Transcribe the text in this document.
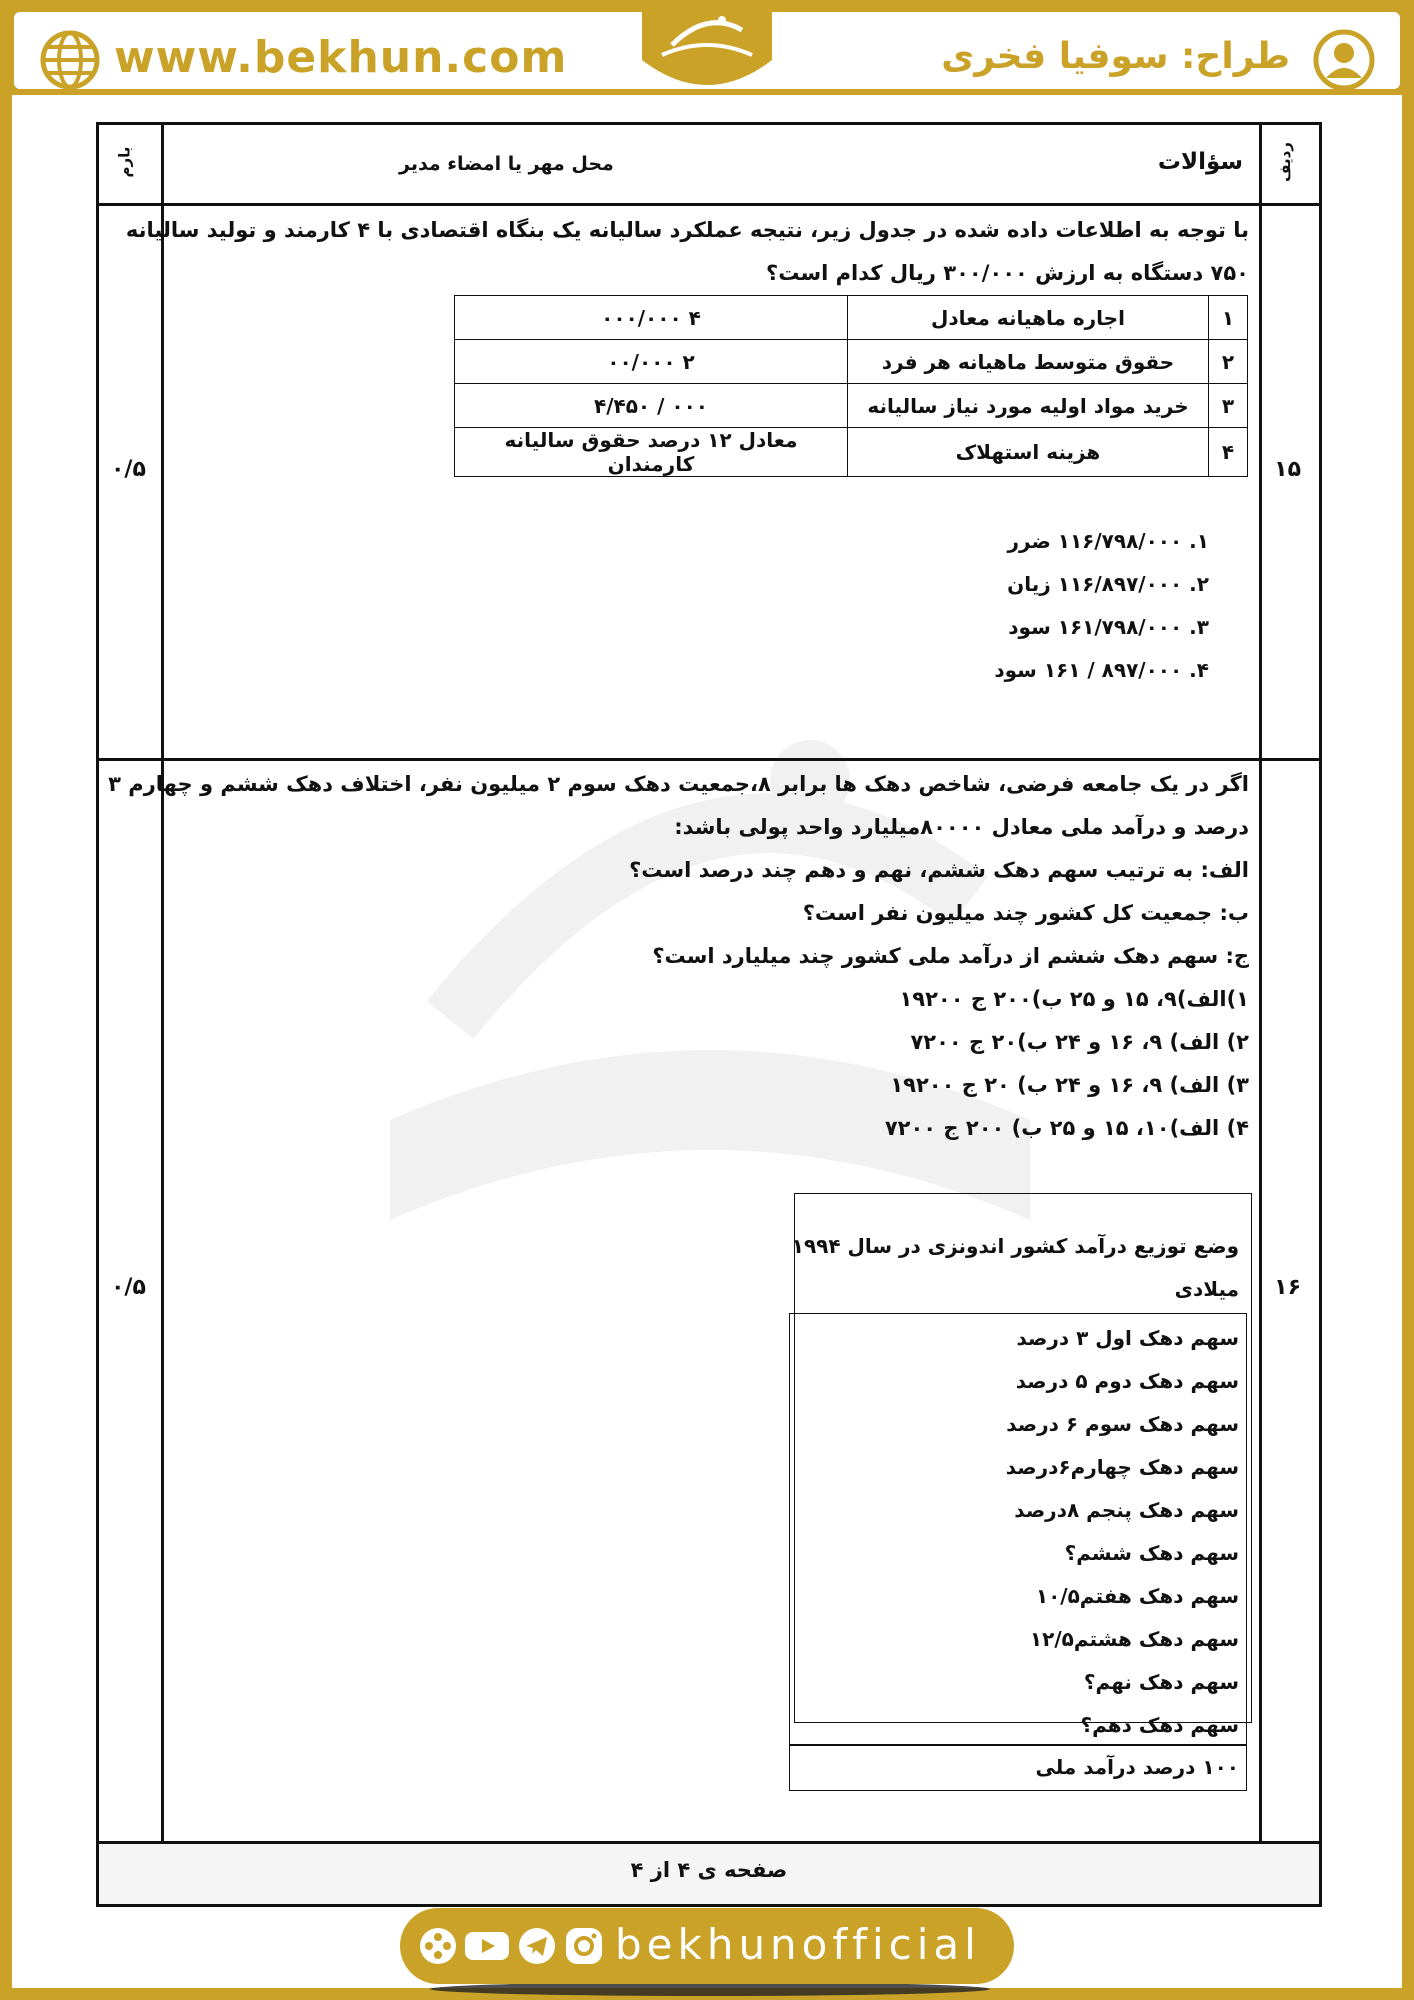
www.bekhun.com	طراح: سوفیا فخری
بارم	محل مهر یا امضاء مدیر	سؤالات ردیف
۱۵
۰/۵
با توجه به اطلاعات داده شده در جدول زیر، نتیجه عملکرد سالیانه یک بنگاه اقتصادی با ۴ کارمند و تولید سالیانه
۷۵۰ دستگاه به ارزش ۳۰۰/۰۰۰ ریال کدام است؟
۱	اجاره ماهیانه معادل	۴ ۰۰۰/۰۰۰
۲	حقوق متوسط ماهیانه هر فرد	۲ ۰۰/۰۰۰
۳	خرید مواد اولیه مورد نیاز سالیانه	۰۰۰ / ۴/۴۵۰
۴	هزینه استهلاک	معادل ۱۲ درصد حقوق سالیانه کارمندان
۱. ۱۱۶/۷۹۸/۰۰۰ ضرر
۲. ۱۱۶/۸۹۷/۰۰۰ زیان
۳. ۱۶۱/۷۹۸/۰۰۰ سود
۴. ۸۹۷/۰۰۰ / ۱۶۱ سود
۱۶
۰/۵
اگر در یک جامعه فرضی، شاخص دهک ها برابر ۸،جمعیت دهک سوم ۲ میلیون نفر، اختلاف دهک ششم و چهارم ۳
درصد و درآمد ملی معادل ۸۰۰۰۰میلیارد واحد پولی باشد:
الف: به ترتیب سهم دهک ششم، نهم و دهم چند درصد است؟
ب: جمعیت کل کشور چند میلیون نفر است؟
ج: سهم دهک ششم از درآمد ملی کشور چند میلیارد است؟
۱)الف)۹، ۱۵ و ۲۵ ب)۲۰۰ ج ۱۹۲۰۰
۲) الف) ۹، ۱۶ و ۲۴ ب)۲۰ ج ۷۲۰۰
۳) الف) ۹، ۱۶ و ۲۴ ب) ۲۰ ج ۱۹۲۰۰
۴) الف)۱۰، ۱۵ و ۲۵ ب) ۲۰۰ ج ۷۲۰۰
وضع توزیع درآمد کشور اندونزی در سال ۱۹۹۴
میلادی
سهم دهک اول ۳ درصد
سهم دهک دوم ۵ درصد
سهم دهک سوم ۶ درصد
سهم دهک چهارم۶درصد
سهم دهک پنجم ۸درصد
سهم دهک ششم؟
سهم دهک هفتم۱۰/۵
سهم دهک هشتم۱۲/۵
سهم دهک نهم؟
سهم دهک دهم؟
۱۰۰ درصد درآمد ملی
صفحه ی ۴ از ۴
bekhunofficial
